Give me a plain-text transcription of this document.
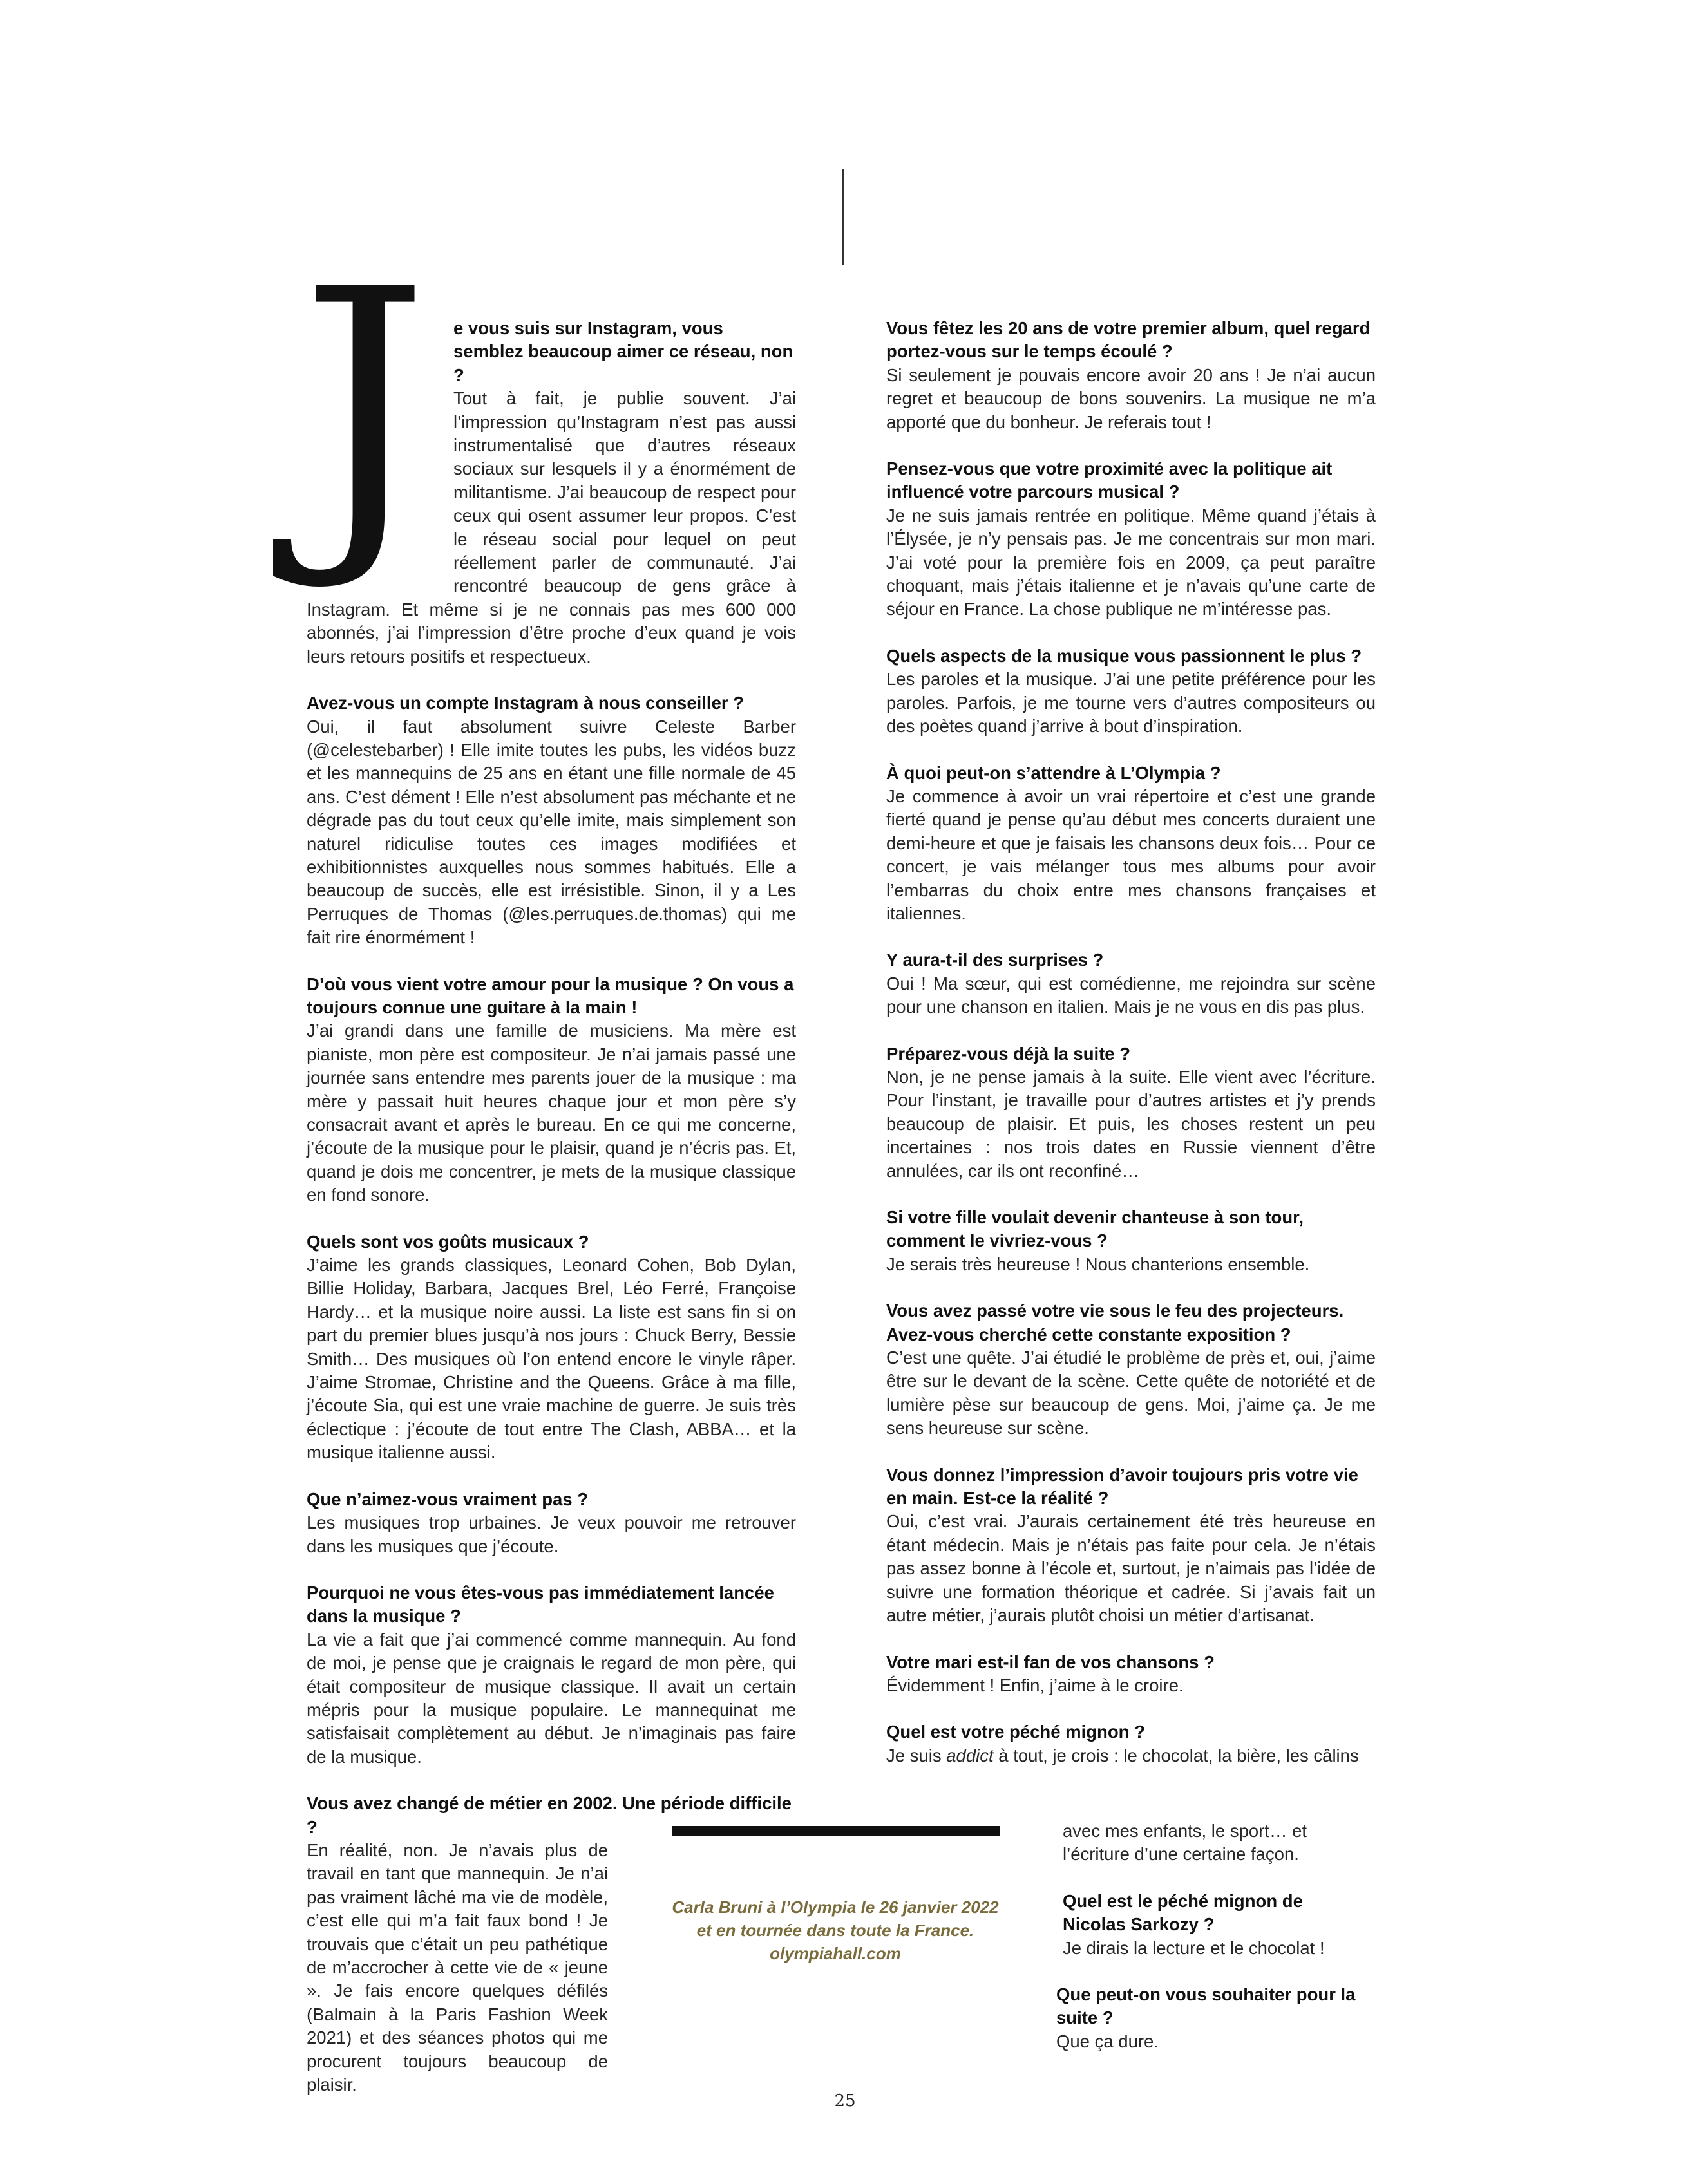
J	e vous suis sur Instagram, vous semblez beaucoup aimer ce réseau, non ?

Tout à fait, je publie souvent. J’ai l’impression qu’Instagram n’est pas aussi instrumentalisé que d’autres réseaux sociaux sur lesquels il y a énormément de militantisme. J’ai beaucoup de respect pour ceux qui osent assumer leur propos. C’est le réseau social pour lequel on peut réellement parler de communauté. J’ai rencontré beaucoup de gens grâce à Instagram. Et même si je ne connais pas mes 600 000 abonnés, j’ai l’impression d’être proche d’eux quand je vois leurs retours positifs et respectueux.

Avez-vous un compte Instagram à nous conseiller ?

Oui, il faut absolument suivre Celeste Barber (@celestebarber) ! Elle imite toutes les pubs, les vidéos buzz et les mannequins de 25 ans en étant une fille normale de 45 ans. C’est dément ! Elle n’est absolument pas méchante et ne dégrade pas du tout ceux qu’elle imite, mais simplement son naturel ridiculise toutes ces images modifiées et exhibitionnistes auxquelles nous sommes habitués. Elle a beaucoup de succès, elle est irrésistible. Sinon, il y a Les Perruques de Thomas (@les.perruques.de.thomas) qui me fait rire énormément !

D’où vous vient votre amour pour la musique ? On vous a toujours connue une guitare à la main !

J’ai grandi dans une famille de musiciens. Ma mère est pianiste, mon père est compositeur. Je n’ai jamais passé une journée sans entendre mes parents jouer de la musique : ma mère y passait huit heures chaque jour et mon père s’y consacrait avant et après le bureau. En ce qui me concerne, j’écoute de la musique pour le plaisir, quand je n’écris pas. Et, quand je dois me concentrer, je mets de la musique classique en fond sonore.

Quels sont vos goûts musicaux ?

J’aime les grands classiques, Leonard Cohen, Bob Dylan, Billie Holiday, Barbara, Jacques Brel, Léo Ferré, Françoise Hardy… et la musique noire aussi. La liste est sans fin si on part du premier blues jusqu’à nos jours : Chuck Berry, Bessie Smith… Des musiques où l’on entend encore le vinyle râper. J’aime Stromae, Christine and the Queens. Grâce à ma fille, j’écoute Sia, qui est une vraie machine de guerre. Je suis très éclectique : j’écoute de tout entre The Clash, ABBA… et la musique italienne aussi.

Que n’aimez-vous vraiment pas ?

Les musiques trop urbaines. Je veux pouvoir me retrouver dans les musiques que j’écoute.

Pourquoi ne vous êtes-vous pas immédiatement lancée dans la musique ?

La vie a fait que j’ai commencé comme mannequin. Au fond de moi, je pense que je craignais le regard de mon père, qui était compositeur de musique classique. Il avait un certain mépris pour la musique populaire. Le mannequinat me satisfaisait complètement au début. Je n’imaginais pas faire de la musique.

Vous avez changé de métier en 2002. Une période difficile ?

En réalité, non. Je n’avais plus de travail en tant que mannequin. Je n’ai pas vraiment lâché ma vie de modèle, c’est elle qui m’a fait faux bond ! Je trouvais que c’était un peu pathétique de m’accrocher à cette vie de « jeune ». Je fais encore quelques défilés (Balmain à la Paris Fashion Week 2021) et des séances photos qui me procurent toujours beaucoup de plaisir.

Vous fêtez les 20 ans de votre premier album, quel regard portez-vous sur le temps écoulé ?

Si seulement je pouvais encore avoir 20 ans ! Je n’ai aucun regret et beaucoup de bons souvenirs. La musique ne m’a apporté que du bonheur. Je referais tout !

Pensez-vous que votre proximité avec la politique ait influencé votre parcours musical ?

Je ne suis jamais rentrée en politique. Même quand j’étais à l’Élysée, je n’y pensais pas. Je me concentrais sur mon mari. J’ai voté pour la première fois en 2009, ça peut paraître choquant, mais j’étais italienne et je n’avais qu’une carte de séjour en France. La chose publique ne m’intéresse pas.

Quels aspects de la musique vous passionnent le plus ?

Les paroles et la musique. J’ai une petite préférence pour les paroles. Parfois, je me tourne vers d’autres compositeurs ou des poètes quand j’arrive à bout d’inspiration.

À quoi peut-on s’attendre à L’Olympia ?

Je commence à avoir un vrai répertoire et c’est une grande fierté quand je pense qu’au début mes concerts duraient une demi-heure et que je faisais les chansons deux fois… Pour ce concert, je vais mélanger tous mes albums pour avoir l’embarras du choix entre mes chansons françaises et italiennes.

Y aura-t-il des surprises ?

Oui ! Ma sœur, qui est comédienne, me rejoindra sur scène pour une chanson en italien. Mais je ne vous en dis pas plus.

Préparez-vous déjà la suite ?

Non, je ne pense jamais à la suite. Elle vient avec l’écriture. Pour l’instant, je travaille pour d’autres artistes et j’y prends beaucoup de plaisir. Et puis, les choses restent un peu incertaines : nos trois dates en Russie viennent d’être annulées, car ils ont reconfiné…

Si votre fille voulait devenir chanteuse à son tour, comment le vivriez-vous ?

Je serais très heureuse ! Nous chanterions ensemble.

Vous avez passé votre vie sous le feu des projecteurs. Avez-vous cherché cette constante exposition ?

C’est une quête. J’ai étudié le problème de près et, oui, j’aime être sur le devant de la scène. Cette quête de notoriété et de lumière pèse sur beaucoup de gens. Moi, j’aime ça. Je me sens heureuse sur scène.

Vous donnez l’impression d’avoir toujours pris votre vie en main. Est-ce la réalité ?

Oui, c’est vrai. J’aurais certainement été très heureuse en étant médecin. Mais je n’étais pas faite pour cela. Je n’étais pas assez bonne à l’école et, surtout, je n’aimais pas l’idée de suivre une formation théorique et cadrée. Si j’avais fait un autre métier, j’aurais plutôt choisi un métier d’artisanat.

Votre mari est-il fan de vos chansons ?

Évidemment ! Enfin, j’aime à le croire.

Quel est votre péché mignon ?

Je suis addict à tout, je crois : le chocolat, la bière, les câlins

avec mes enfants, le sport… et l’écriture d’une certaine façon.

Quel est le péché mignon de Nicolas Sarkozy ?

Je dirais la lecture et le chocolat !

Que peut-on vous souhaiter pour la suite ?

Que ça dure.

Carla Bruni à l’Olympia le 26 janvier 2022
et en tournée dans toute la France.
olympiahall.com
25
